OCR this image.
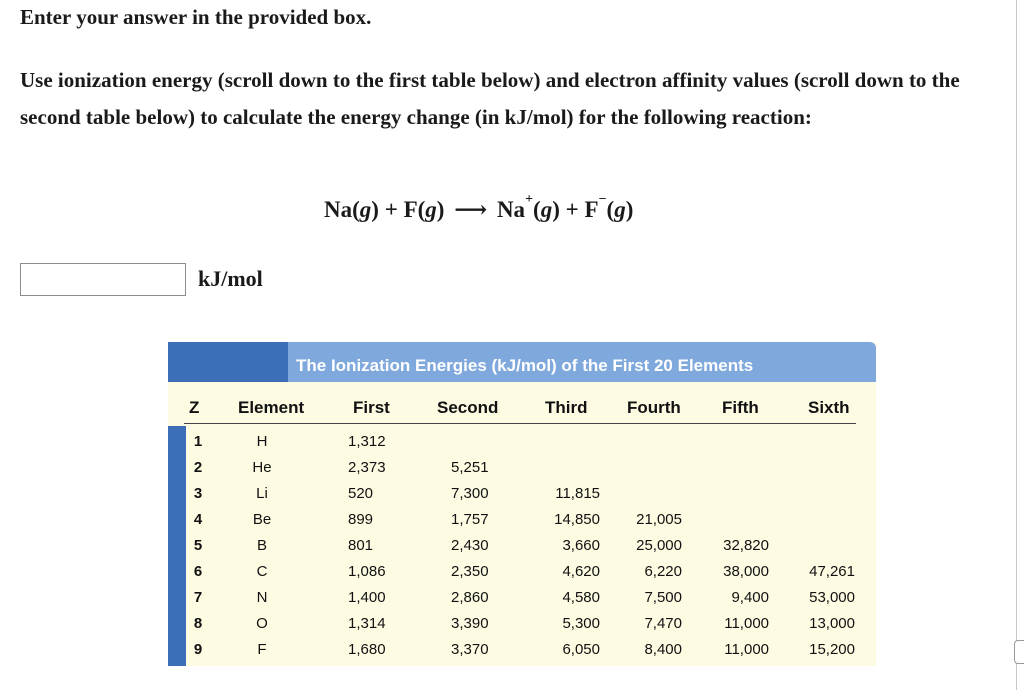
Enter your answer in the provided box.
Use ionization energy (scroll down to the first table below) and electron affinity values (scroll down to the second table below) to calculate the energy change (in kJ/mol) for the following reaction:
Na(g) + F(g) ⟶ Na+(g) + F−(g)
kJ/mol
The Ionization Energies (kJ/mol) of the First 20 Elements
Z Element	First	Second	Third Fourth Fifth	Sixth
1	H	1,312
2	He	2,373	5,251
3	Li	520	7,300	11,815
4	Be	899	1,757	14,850	21,005
5	B	801	2,430	3,660	25,000	32,820
6	C	1,086	2,350	4,620	6,220	38,000	47,261
7	N	1,400	2,860	4,580	7,500	9,400	53,000
8	O	1,314	3,390	5,300	7,470	11,000	13,000
9	F	1,680	3,370	6,050	8,400	11,000	15,200
